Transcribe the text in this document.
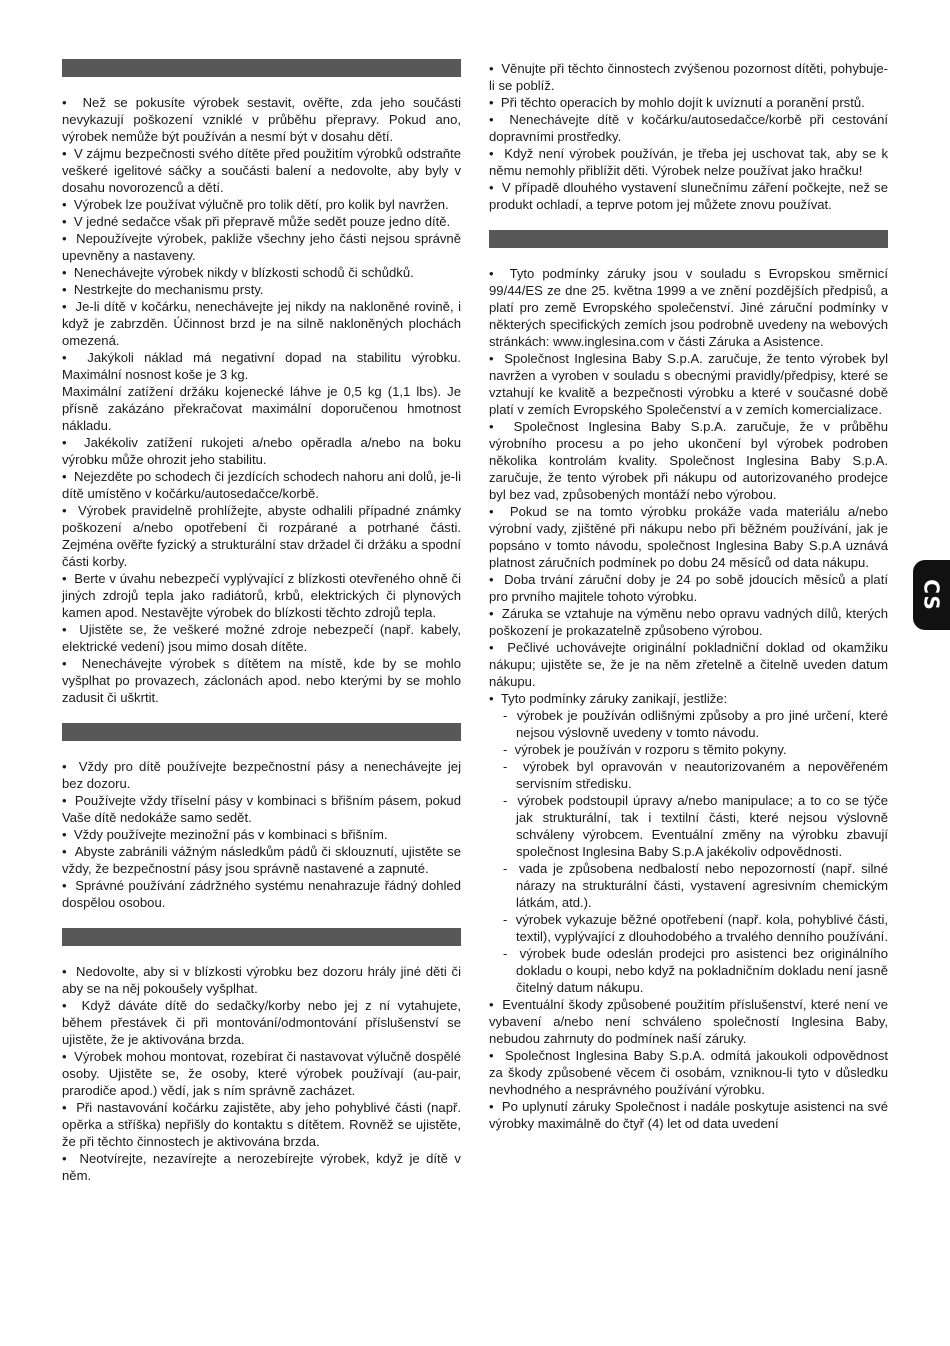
•  Než se pokusíte výrobek sestavit, ověřte, zda jeho součásti nevykazují poškození vzniklé v průběhu přepravy. Pokud ano, výrobek nemůže být používán a nesmí být v dosahu dětí.
•  V zájmu bezpečnosti svého dítěte před použitím výrobků odstraňte veškeré igelitové sáčky a součásti balení a nedovolte, aby byly v dosahu novorozenců a dětí.
•  Výrobek lze používat výlučně pro tolik dětí, pro kolik byl navržen.
•  V jedné sedačce však při přepravě může sedět pouze jedno dítě.
•  Nepoužívejte výrobek, pakliže všechny jeho části nejsou správně upevněny a nastaveny.
•  Nenechávejte výrobek nikdy v blízkosti schodů či schůdků.
•  Nestrkejte do mechanismu prsty.
•  Je-li dítě v kočárku, nenechávejte jej nikdy na nakloněné rovině, i když je zabrzděn. Účinnost brzd je na silně nakloněných plochách omezená.
•  Jakýkoli náklad má negativní dopad na stabilitu výrobku. Maximální nosnost koše je 3 kg.
Maximální zatížení držáku kojenecké láhve je 0,5 kg (1,1 lbs). Je přísně zakázáno překračovat maximální doporučenou hmotnost nákladu.
•  Jakékoliv zatížení rukojeti a/nebo opěradla a/nebo na boku výrobku může ohrozit jeho stabilitu.
•  Nejezděte po schodech či jezdících schodech nahoru ani dolů, je-li dítě umístěno v kočárku/autosedačce/korbě.
•  Výrobek pravidelně prohlížejte, abyste odhalili případné známky poškození a/nebo opotřebení či rozpárané a potrhané části. Zejména ověřte fyzický a strukturální stav držadel či držáku a spodní části korby.
•  Berte v úvahu nebezpečí vyplývající z blízkosti otevřeného ohně či jiných zdrojů tepla jako radiátorů, krbů, elektrických či plynových kamen apod. Nestavějte výrobek do blízkosti těchto zdrojů tepla.
•  Ujistěte se, že veškeré možné zdroje nebezpečí (např. kabely, elektrické vedení) jsou mimo dosah dítěte.
•  Nenechávejte výrobek s dítětem na místě, kde by se mohlo vyšplhat po provazech, záclonách apod. nebo kterými by se mohlo zadusit či uškrtit.
•  Vždy pro dítě používejte bezpečnostní pásy a nenechávejte jej bez dozoru.
•  Používejte vždy tříselní pásy v kombinaci s břišním pásem, pokud Vaše dítě nedokáže samo sedět.
•  Vždy používejte mezinožní pás v kombinaci s břišním.
•  Abyste zabránili vážným následkům pádů či sklouznutí, ujistěte se vždy, že bezpečnostní pásy jsou správně nastavené a zapnuté.
•  Správné používání zádržného systému nenahrazuje řádný dohled dospělou osobou.
•  Nedovolte, aby si v blízkosti výrobku bez dozoru hrály jiné děti či aby se na něj pokoušely vyšplhat.
•  Když dáváte dítě do sedačky/korby nebo jej z ní vytahujete, během přestávek či při montování/odmontování příslušenství se ujistěte, že je aktivována brzda.
•  Výrobek mohou montovat, rozebírat či nastavovat výlučně dospělé osoby. Ujistěte se, že osoby, které výrobek používají (au-pair, prarodiče apod.) vědí, jak s ním správně zacházet.
•  Při nastavování kočárku zajistěte, aby jeho pohyblivé části (např. opěrka a stříška) nepřišly do kontaktu s dítětem. Rovněž se ujistěte, že při těchto činnostech je aktivována brzda.
•  Neotvírejte, nezavírejte a nerozebírejte výrobek, když je dítě v něm.
•  Věnujte při těchto činnostech zvýšenou pozornost dítěti, pohybuje-li se poblíž.
•  Při těchto operacích by mohlo dojít k uvíznutí a poranění prstů.
•  Nenechávejte dítě v kočárku/autosedačce/korbě při cestování dopravními prostředky.
•  Když není výrobek používán, je třeba jej uschovat tak, aby se k němu nemohly přiblížit děti. Výrobek nelze používat jako hračku!
•  V případě dlouhého vystavení slunečnímu záření počkejte, než se produkt ochladí, a teprve potom jej můžete znovu používat.
•  Tyto podmínky záruky jsou v souladu s Evropskou směrnicí 99/44/ES ze dne 25. května 1999 a ve znění pozdějších předpisů, a platí pro země Evropského společenství. Jiné záruční podmínky v některých specifických zemích jsou podrobně uvedeny na webových stránkách: www.inglesina.com v části Záruka a Asistence.
•  Společnost Inglesina Baby S.p.A. zaručuje, že tento výrobek byl navržen a vyroben v souladu s obecnými pravidly/předpisy, které se vztahují ke kvalitě a bezpečnosti výrobku a které v současné době platí v zemích Evropského Společenství a v zemích komercializace.
•  Společnost Inglesina Baby S.p.A. zaručuje, že v průběhu výrobního procesu a po jeho ukončení byl výrobek podroben několika kontrolám kvality. Společnost Inglesina Baby S.p.A. zaručuje, že tento výrobek při nákupu od autorizovaného prodejce byl bez vad, způsobených montáží nebo výrobou.
•  Pokud se na tomto výrobku prokáže vada materiálu a/nebo výrobní vady, zjištěné při nákupu nebo při běžném používání, jak je popsáno v tomto návodu, společnost Inglesina Baby S.p.A uznává platnost záručních podmínek po dobu 24 měsíců od data nákupu.
•  Doba trvání záruční doby je 24 po sobě jdoucích měsíců a platí pro prvního majitele tohoto výrobku.
•  Záruka se vztahuje na výměnu nebo opravu vadných dílů, kterých poškození je prokazatelně způsobeno výrobou.
•  Pečlivé uchovávejte originální pokladniční doklad od okamžiku nákupu; ujistěte se, že je na něm zřetelně a čitelně uveden datum nákupu.
•  Tyto podmínky záruky zanikají, jestliže:
-  výrobek je používán odlišnými způsoby a pro jiné určení, které nejsou výslovně uvedeny v tomto návodu.
-  výrobek je používán v rozporu s těmito pokyny.
-  výrobek byl opravován v neautorizovaném a nepověřeném servisním středisku.
-  výrobek podstoupil úpravy a/nebo manipulace; a to co se týče jak strukturální, tak i textilní části, které nejsou výslovně schváleny výrobcem. Eventuální změny na výrobku zbavují společnost Inglesina Baby S.p.A jakékoliv odpovědnosti.
-  vada je způsobena nedbalostí nebo nepozorností (např. silné nárazy na strukturální části, vystavení agresivním chemickým látkám, atd.).
-  výrobek vykazuje běžné opotřebení (např. kola, pohyblivé části, textil), vyplývající z dlouhodobého a trvalého denního používání.
-  výrobek bude odeslán prodejci pro asistenci bez originálního dokladu o koupi, nebo když na pokladničním dokladu není jasně čitelný datum nákupu.
•  Eventuální škody způsobené použitím příslušenství, které není ve vybavení a/nebo není schváleno společností Inglesina Baby, nebudou zahrnuty do podmínek naší záruky.
•  Společnost Inglesina Baby S.p.A. odmítá jakoukoli odpovědnost za škody způsobené věcem či osobám, vzniknou-li tyto v důsledku nevhodného a nesprávného používání výrobku.
•  Po uplynutí záruky Společnost i nadále poskytuje asistenci na své výrobky maximálně do čtyř (4) let od data uvedení
CS
